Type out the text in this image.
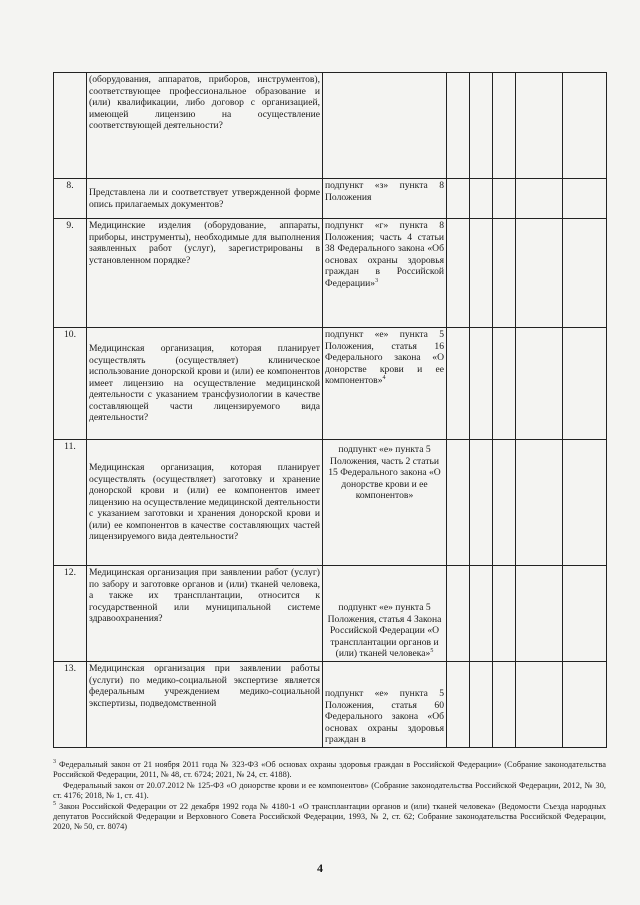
	(оборудования, аппаратов, приборов, инструментов), соответствующее профессиональное образование и (или) квалификации, либо договор с организацией, имеющей лицензию на осуществление соответствующей деятельности?						
8.	Представлена ли и соответствует утвержденной форме опись прилагаемых документов?	подпункт «з» пункта 8 Положения					
9.	Медицинские изделия (оборудование, аппараты, приборы, инструменты), необходимые для выполнения заявленных работ (услуг), зарегистрированы в установленном порядке?	подпункт «г» пункта 8 Положения; часть 4 статьи 38 Федерального закона «Об основах охраны здоровья граждан в Российской Федерации»$^3$					
10.	Медицинская организация, которая планирует осуществлять (осуществляет) клиническое использование донорской крови и (или) ее компонентов имеет лицензию на осуществление медицинской деятельности с указанием трансфузиологии в качестве составляющей части лицензируемого вида деятельности?	подпункт «е» пункта 5 Положения, статья 16 Федерального закона «О донорстве крови и ее компонентов»$^4$					
11.	Медицинская организация, которая планирует осуществлять (осуществляет) заготовку и хранение донорской крови и (или) ее компонентов имеет лицензию на осуществление медицинской деятельности с указанием заготовки и хранения донорской крови и (или) ее компонентов в качестве составляющих частей лицензируемого вида деятельности?	подпункт «е» пункта 5 Положения, часть 2 статьи 15 Федерального закона «О донорстве крови и ее компонентов»					
12.	Медицинская организация при заявлении работ (услуг) по забору и заготовке органов и (или) тканей человека, а также их трансплантации, относится к государственной или муниципальной системе здравоохранения?	подпункт «е» пункта 5 Положения, статья 4 Закона Российской Федерации «О трансплантации органов и (или) тканей человека»$^5$					
13.	Медицинская организация при заявлении работы (услуги) по медико-социальной экспертизе является федеральным учреждением медико-социальной экспертизы, подведомственной	подпункт «е» пункта 5 Положения, статья 60 Федерального закона «Об основах охраны здоровья граждан в					

$^3$ Федеральный закон от 21 ноября 2011 года № 323-ФЗ «Об основах охраны здоровья граждан в Российской Федерации» (Собрание законодательства Российской Федерации, 2011, № 48, ст. 6724; 2021, № 24, ст. 4188).

Федеральный закон от 20.07.2012 № 125-ФЗ «О донорстве крови и ее компонентов» (Собрание законодательства Российской Федерации, 2012, № 30, ст. 4176; 2018, № 1, ст. 41).

$^5$ Закон Российской Федерации от 22 декабря 1992 года № 4180-1 «О трансплантации органов и (или) тканей человека» (Ведомости Съезда народных депутатов Российской Федерации и Верховного Совета Российской Федерации, 1993, № 2, ст. 62; Собрание законодательства Российской Федерации, 2020, № 50, ст. 8074)

4
